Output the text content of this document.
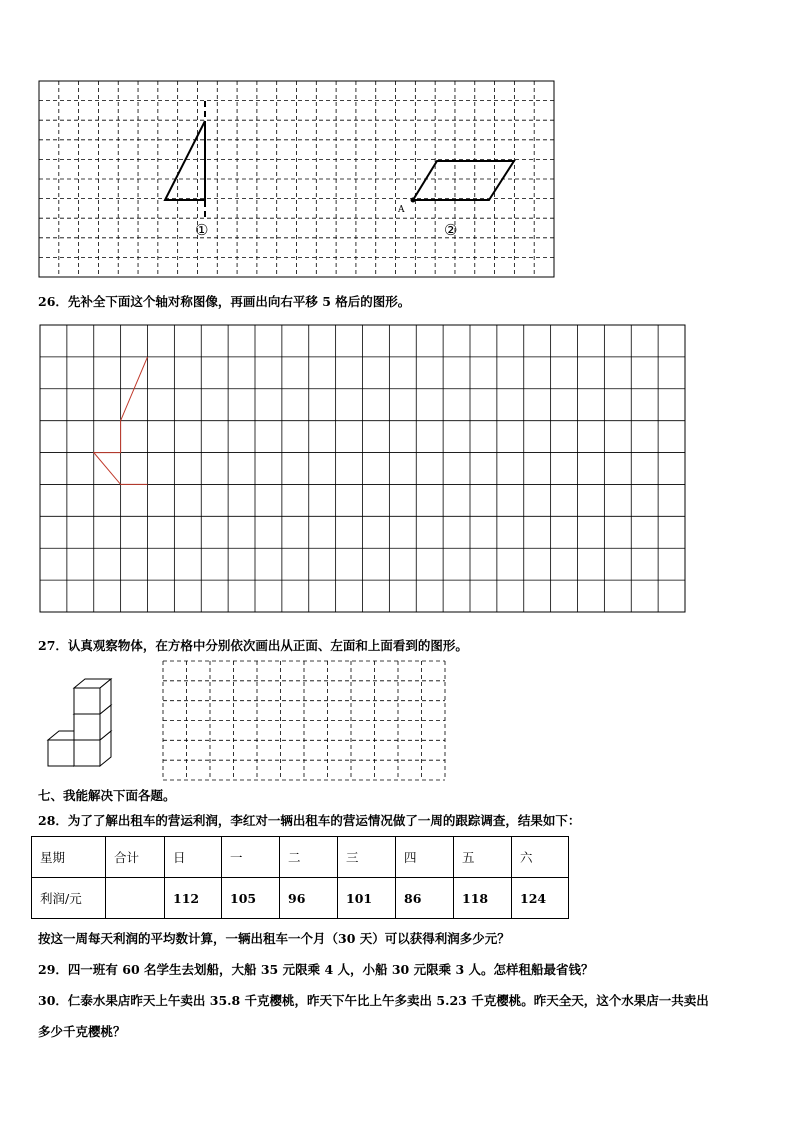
①	②
A
26．先补全下面这个轴对称图像，再画出向右平移 5 格后的图形。
27．认真观察物体，在方格中分别依次画出从正面、左面和上面看到的图形。
七、我能解决下面各题。
28．为了了解出租车的营运利润，李红对一辆出租车的营运情况做了一周的跟踪调查，结果如下：
星期	合计	日	一	二	三	四	五	六
利润/元		112	105	96	101	86	118	124
按这一周每天利润的平均数计算，一辆出租车一个月（30 天）可以获得利润多少元？
29．四一班有 60 名学生去划船，大船 35 元限乘 4 人，小船 30 元限乘 3 人。怎样租船最省钱？
30．仁泰水果店昨天上午卖出 35.8 千克樱桃，昨天下午比上午多卖出 5.23 千克樱桃。昨天全天，这个水果店一共卖出
多少千克樱桃？
